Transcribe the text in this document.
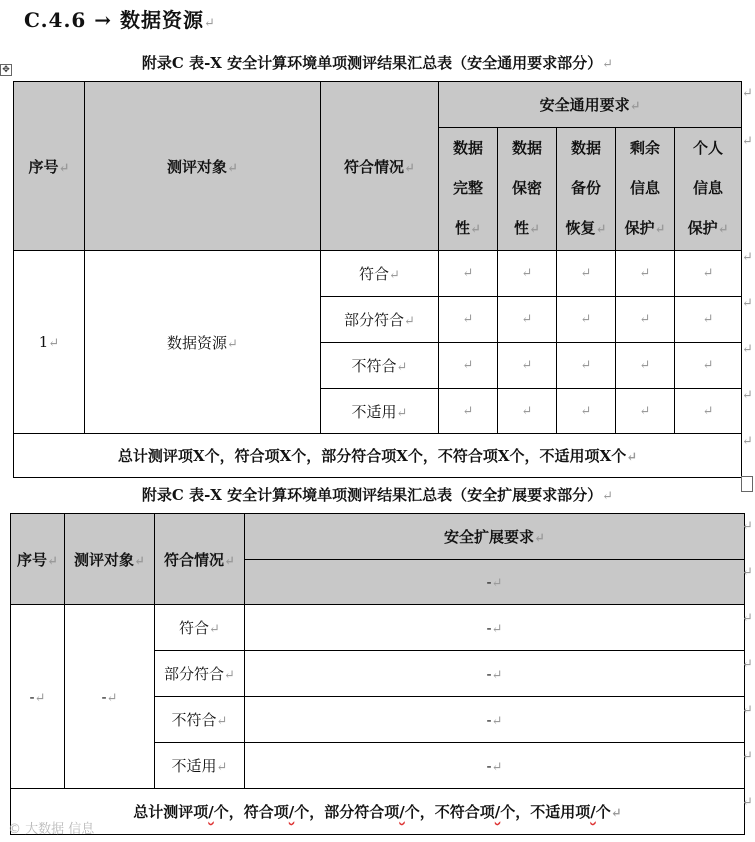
C.4.6 → 数据资源↵
附录C 表-X 安全计算环境单项测评结果汇总表（安全通用要求部分）↵
✥
序号↵	测评对象↵	符合情况↵	安全通用要求↵				
			数据
完整
性↵	数据
保密
性↵	数据
备份
恢复↵	剩余
信息
保护↵	个人
信息
保护↵
1↵	数据资源↵	符合↵	↵	↵	↵	↵	↵
		部分符合↵	↵	↵	↵	↵	↵
		不符合↵	↵	↵	↵	↵	↵
		不适用↵	↵	↵	↵	↵	↵
总计测评项X个，符合项X个，部分符合项X个，不符合项X个，不适用项X个↵							
↵
↵
↵
↵
↵
↵
↵
附录C 表-X 安全计算环境单项测评结果汇总表（安全扩展要求部分）↵
序号↵	测评对象↵	符合情况↵	安全扩展要求↵
			-↵
-↵	-↵	符合↵	-↵
		部分符合↵	-↵
		不符合↵	-↵
		不适用↵	-↵
总计测评项/个，符合项/个，部分符合项/个，不符合项/个，不适用项/个↵			
↵
↵
↵
↵
↵
↵
↵
© 大数据 信息
